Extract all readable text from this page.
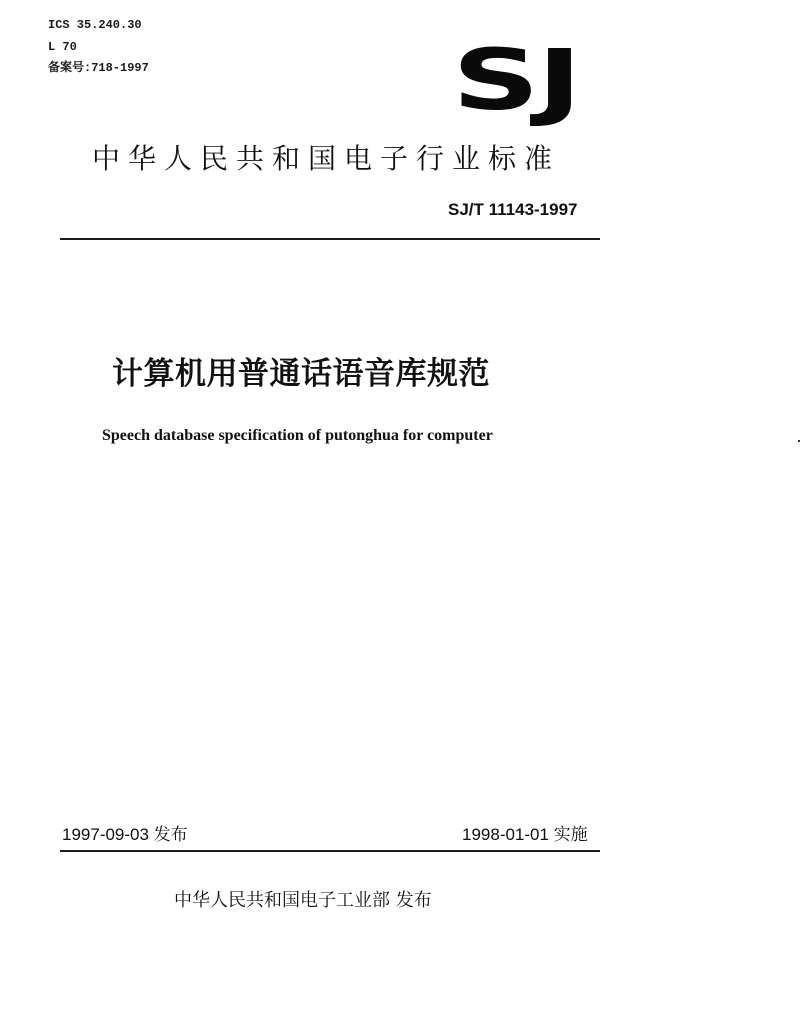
ICS 35.240.30
L 70
备案号:718-1997	SJ
中华人民共和国电子行业标准
SJ/T 11143-1997
计算机用普通话语音库规范
Speech database specification of putonghua for computer
1997-09-03 发布	1998-01-01 实施
中华人民共和国电子工业部 发布
